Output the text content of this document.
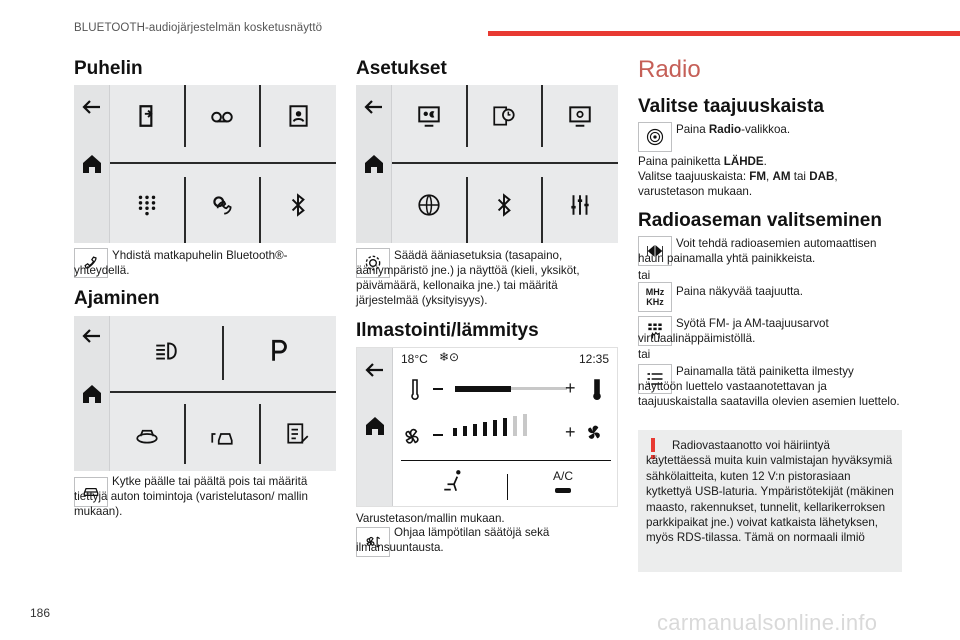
BLUETOOTH-audiojärjestelmän kosketusnäyttö
Puhelin
Yhdistä matkapuhelin Bluetooth®-yhteydellä.
Ajaminen
Kytke päälle tai päältä pois tai määritä tiettyjä auton toimintoja (varistelutason/ mallin mukaan).
Asetukset
Säädä ääniasetuksia (tasapaino, ääniympäristö jne.) ja näyttöä (kieli, yksiköt, päivämäärä, kellonaika jne.) tai määritä järjestelmää (yksityisyys).
Ilmastointi/lämmitys
18°C ❄⊙	12:35
+
+
A/C
Varustetason/mallin mukaan.
Ohjaa lämpötilan säätöjä sekä ilmansuuntausta.
Radio
Valitse taajuuskaista
Paina Radio-valikkoa.
Paina painiketta LÄHDE.
Valitse taajuuskaista: FM, AM tai DAB,
varustetason mukaan.
Radioaseman valitseminen
Voit tehdä radioasemien automaattisen haun painamalla yhtä painikkeista.
tai
MHz
KHz
Paina näkyvää taajuutta.
Syötä FM- ja AM-taajuusarvot virtuaalinäppäimistöllä.
tai
Painamalla tätä painiketta ilmestyy näyttöön luettelo vastaanotettavan ja taajuuskaistalla saatavilla olevien asemien luettelo.
Radiovastaanotto voi häiriintyä käytettäessä muita kuin valmistajan hyväksymiä sähkölaitteita, kuten 12 V:n pistorasiaan kytkettyä USB-laturia. Ympäristötekijät (mäkinen maasto, rakennukset, tunnelit, kellarikerroksen parkkipaikat jne.) voivat katkaista lähetyksen, myös RDS-tilassa. Tämä on normaali ilmiö
186	carmanualsonline.info
